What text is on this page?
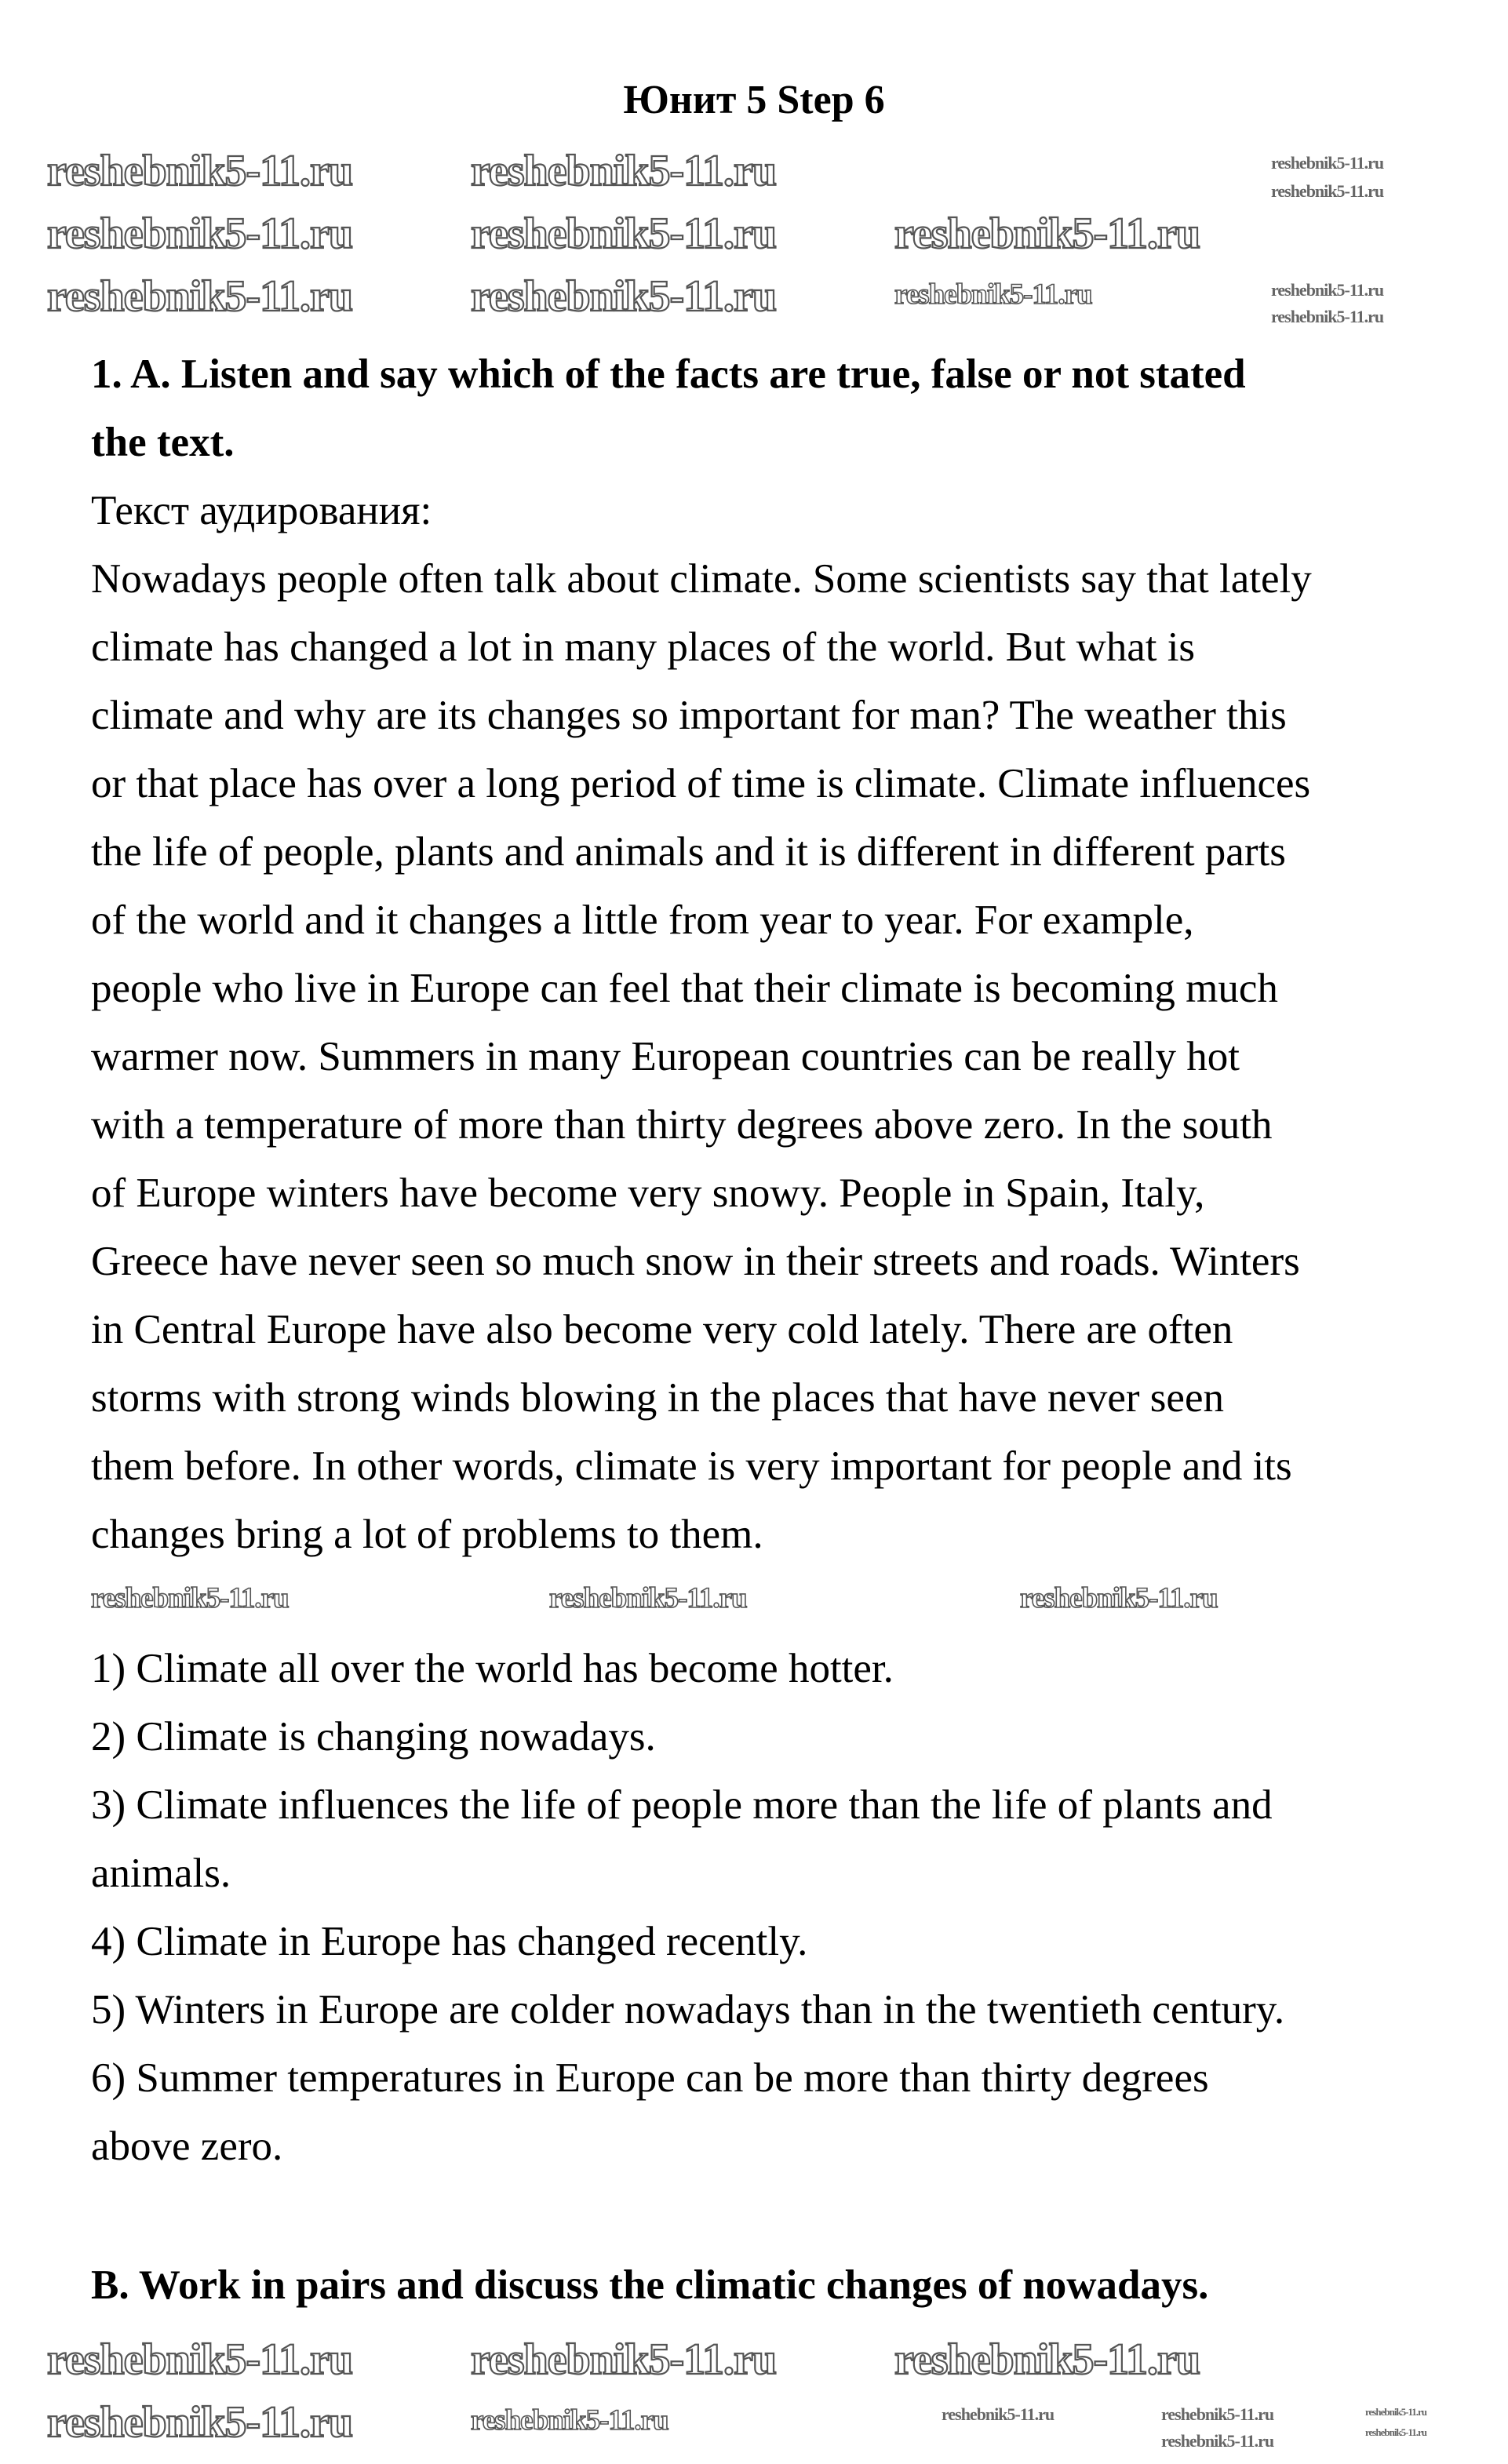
Юнит 5 Step 6
1. A. Listen and say which of the facts are true, false or not stated
the text.
Текст аудирования:
Nowadays people often talk about climate. Some scientists say that lately
climate has changed a lot in many places of the world. But what is
climate and why are its changes so important for man? The weather this
or that place has over a long period of time is climate. Climate influences
the life of people, plants and animals and it is different in different parts
of the world and it changes a little from year to year. For example,
people who live in Europe can feel that their climate is becoming much
warmer now. Summers in many European countries can be really hot
with a temperature of more than thirty degrees above zero. In the south
of Europe winters have become very snowy. People in Spain, Italy,
Greece have never seen so much snow in their streets and roads. Winters
in Central Europe have also become very cold lately. There are often
storms with strong winds blowing in the places that have never seen
them before. In other words, climate is very important for people and its
changes bring a lot of problems to them.
1) Climate all over the world has become hotter.
2) Climate is changing nowadays.
3) Climate influences the life of people more than the life of plants and
animals.
4) Climate in Europe has changed recently.
5) Winters in Europe are colder nowadays than in the twentieth century.
6) Summer temperatures in Europe can be more than thirty degrees
above zero.
B. Work in pairs and discuss the climatic changes of nowadays.
reshebnik5-11.ru	reshebnik5-11.ru	reshebnik5-11.ru
reshebnik5-11.ru
reshebnik5-11.ru	reshebnik5-11.ru	reshebnik5-11.ru
reshebnik5-11.ru	reshebnik5-11.ru	reshebnik5-11.ru	reshebnik5-11.ru
reshebnik5-11.ru
reshebnik5-11.ru	reshebnik5-11.ru	reshebnik5-11.ru
reshebnik5-11.ru	reshebnik5-11.ru	reshebnik5-11.ru
reshebnik5-11.ru	reshebnik5-11.ru	reshebnik5-11.ru	reshebnik5-11.ru
reshebnik5-11.ru
reshebnik5-11.ru
reshebnik5-11.ru
